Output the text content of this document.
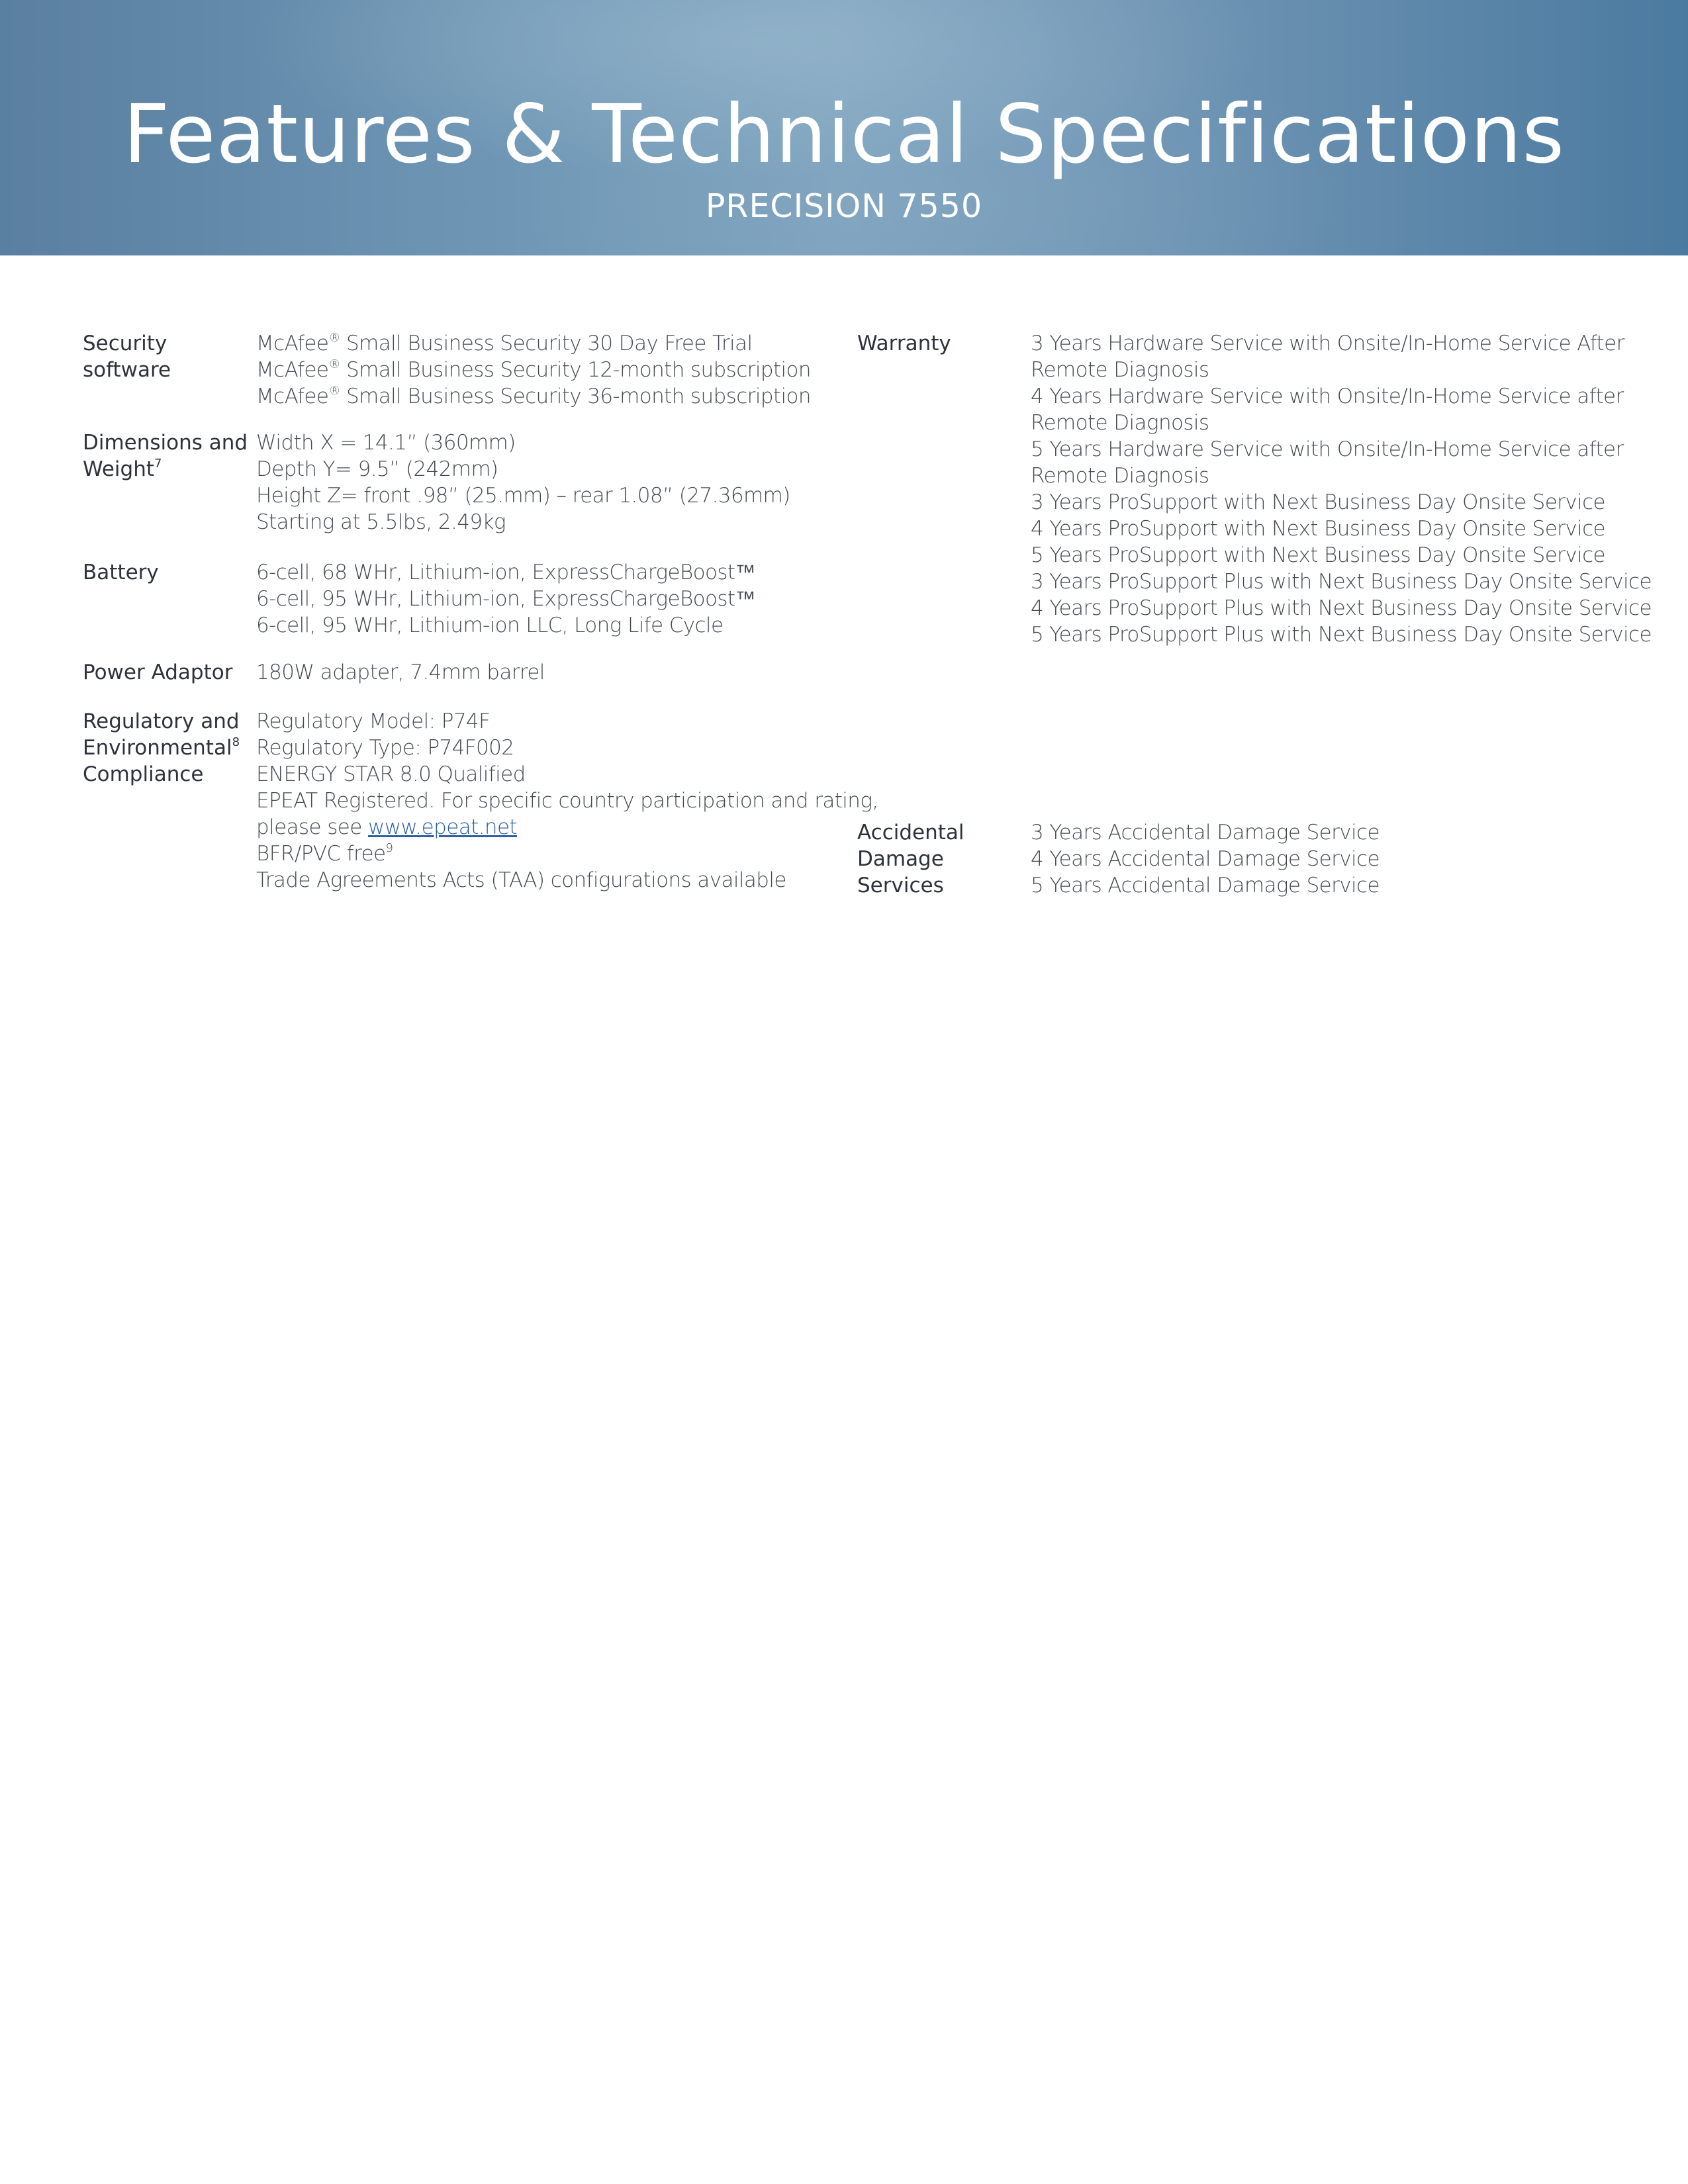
Features & Technical Specifications
PRECISION 7550
Security
software
McAfee® Small Business Security 30 Day Free Trial
McAfee® Small Business Security 12-month subscription
McAfee® Small Business Security 36-month subscription
Dimensions and
Weight$^7$
Width X = 14.1” (360mm)
Depth Y= 9.5” (242mm)
Height Z= front .98” (25.mm) – rear 1.08” (27.36mm)
Starting at 5.5lbs, 2.49kg
Battery	6-cell, 68 WHr, Lithium-ion, ExpressChargeBoost™
6-cell, 95 WHr, Lithium-ion, ExpressChargeBoost™
6-cell, 95 WHr, Lithium-ion LLC, Long Life Cycle
Power Adaptor 180W adapter, 7.4mm barrel
Regulatory and
Environmental$^8$
Compliance
Regulatory Model: P74F
Regulatory Type: P74F002
ENERGY STAR 8.0 Qualified
EPEAT Registered. For specific country participation and rating,
please see www.epeat.net
BFR/PVC free$^9$
Trade Agreements Acts (TAA) configurations available
Warranty	3 Years Hardware Service with Onsite/In-Home Service After
Remote Diagnosis
4 Years Hardware Service with Onsite/In-Home Service after
Remote Diagnosis
5 Years Hardware Service with Onsite/In-Home Service after
Remote Diagnosis
3 Years ProSupport with Next Business Day Onsite Service
4 Years ProSupport with Next Business Day Onsite Service
5 Years ProSupport with Next Business Day Onsite Service
3 Years ProSupport Plus with Next Business Day Onsite Service
4 Years ProSupport Plus with Next Business Day Onsite Service
5 Years ProSupport Plus with Next Business Day Onsite Service
Accidental
Damage
Services
3 Years Accidental Damage Service
4 Years Accidental Damage Service
5 Years Accidental Damage Service
